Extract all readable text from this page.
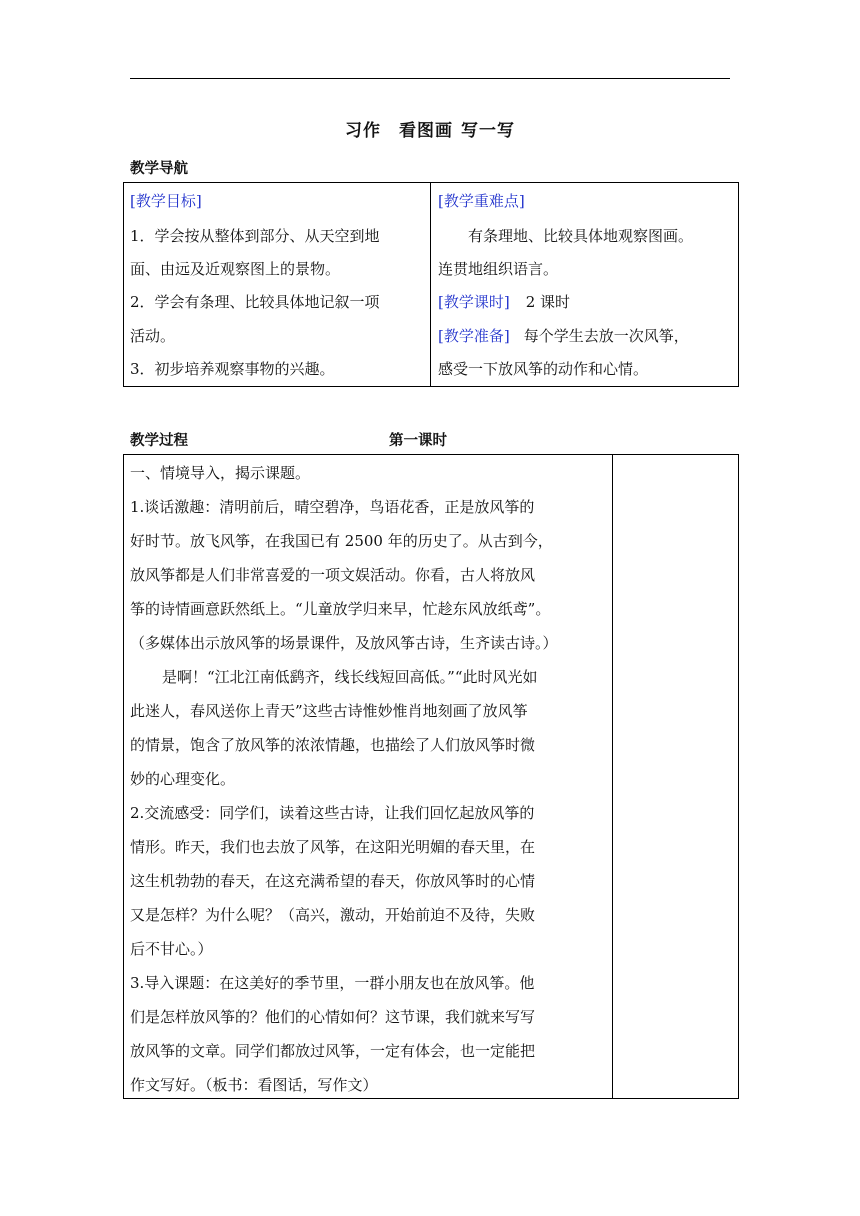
习作 看图画 写一写
教学导航
[教学目标]
1．学会按从整体到部分、从天空到地
面、由远及近观察图上的景物。
2．学会有条理、比较具体地记叙一项
活动。
3．初步培养观察事物的兴趣。
[教学重难点]
有条理地、比较具体地观察图画。
连贯地组织语言。
[教学课时] 2 课时
[教学准备] 每个学生去放一次风筝，
感受一下放风筝的动作和心情。
教学过程	第一课时
一、情境导入，揭示课题。
1.谈话激趣：清明前后，晴空碧净，鸟语花香，正是放风筝的
好时节。放飞风筝，在我国已有 2500 年的历史了。从古到今，
放风筝都是人们非常喜爱的一项文娱活动。你看，古人将放风
筝的诗情画意跃然纸上。“儿童放学归来早，忙趁东风放纸鸢”。
（多媒体出示放风筝的场景课件，及放风筝古诗，生齐读古诗。）
是啊！“江北江南低鹞齐，线长线短回高低。”“此时风光如
此迷人，春风送你上青天”这些古诗惟妙惟肖地刻画了放风筝
的情景，饱含了放风筝的浓浓情趣，也描绘了人们放风筝时微
妙的心理变化。
2.交流感受：同学们，读着这些古诗，让我们回忆起放风筝的
情形。昨天，我们也去放了风筝，在这阳光明媚的春天里，在
这生机勃勃的春天，在这充满希望的春天，你放风筝时的心情
又是怎样？为什么呢？（高兴，激动，开始前迫不及待，失败
后不甘心。）
3.导入课题：在这美好的季节里，一群小朋友也在放风筝。他
们是怎样放风筝的？他们的心情如何？这节课，我们就来写写
放风筝的文章。同学们都放过风筝，一定有体会，也一定能把
作文写好。（板书：看图话，写作文）
